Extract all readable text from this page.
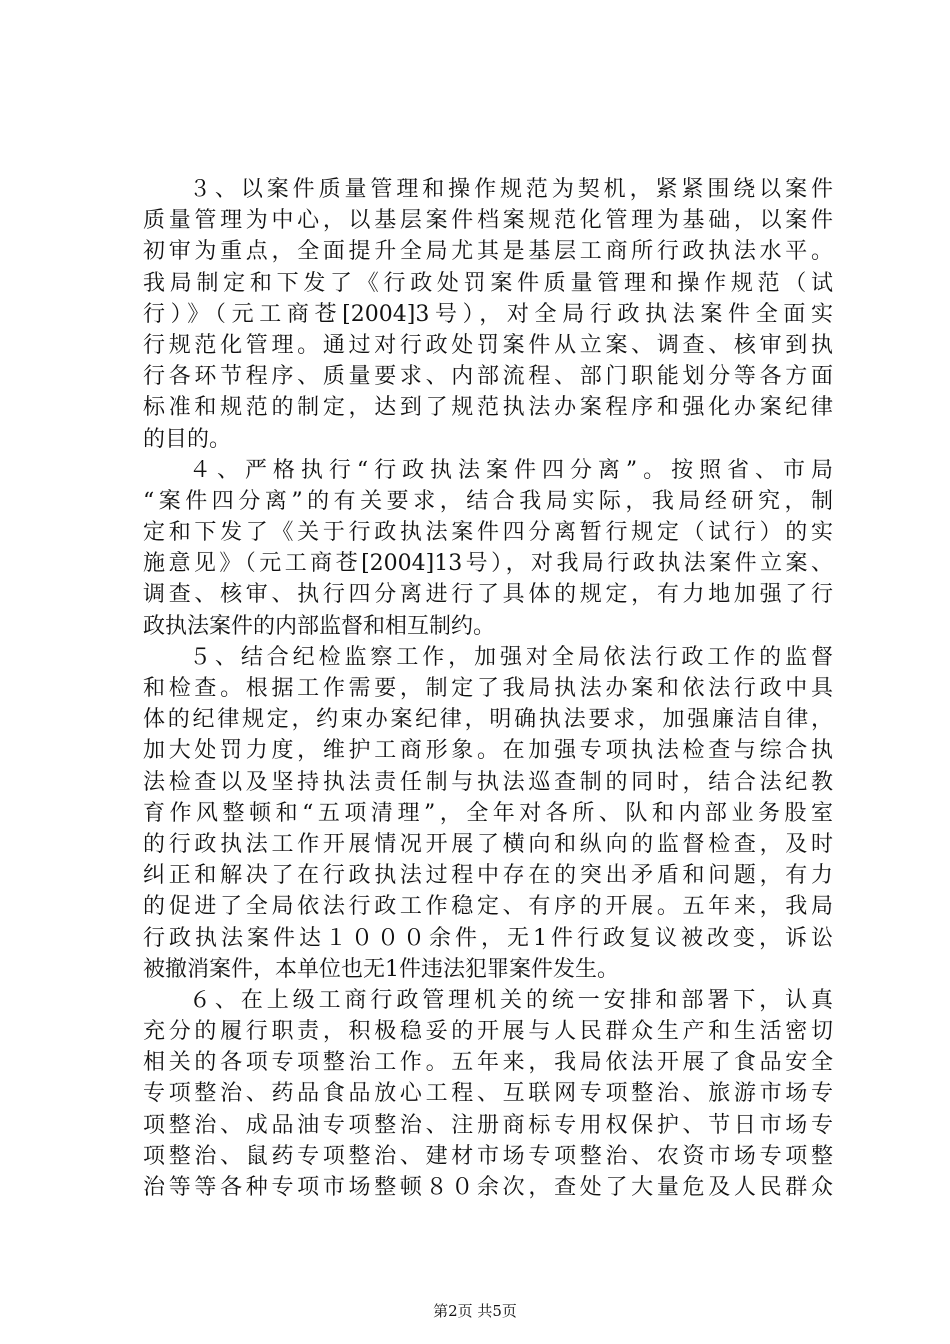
３、以案件质量管理和操作规范为契机，紧紧围绕以案件
质量管理为中心，以基层案件档案规范化管理为基础，以案件
初审为重点，全面提升全局尤其是基层工商所行政执法水平。
我局制定和下发了《行政处罚案件质量管理和操作规范（试
行）》（元工商苍[2004]3号），对全局行政执法案件全面实
行规范化管理。通过对行政处罚案件从立案、调查、核审到执
行各环节程序、质量要求、内部流程、部门职能划分等各方面
标准和规范的制定，达到了规范执法办案程序和强化办案纪律
的目的。
４、严格执行“行政执法案件四分离”。按照省、市局
“案件四分离”的有关要求，结合我局实际，我局经研究，制
定和下发了《关于行政执法案件四分离暂行规定（试行）的实
施意见》（元工商苍[2004]13号），对我局行政执法案件立案、
调查、核审、执行四分离进行了具体的规定，有力地加强了行
政执法案件的内部监督和相互制约。
５、结合纪检监察工作，加强对全局依法行政工作的监督
和检查。根据工作需要，制定了我局执法办案和依法行政中具
体的纪律规定，约束办案纪律，明确执法要求，加强廉洁自律，
加大处罚力度，维护工商形象。在加强专项执法检查与综合执
法检查以及坚持执法责任制与执法巡查制的同时，结合法纪教
育作风整顿和“五项清理”，全年对各所、队和内部业务股室
的行政执法工作开展情况开展了横向和纵向的监督检查，及时
纠正和解决了在行政执法过程中存在的突出矛盾和问题，有力
的促进了全局依法行政工作稳定、有序的开展。五年来，我局
行政执法案件达１０００余件，无1件行政复议被改变，诉讼
被撤消案件，本单位也无1件违法犯罪案件发生。
６、在上级工商行政管理机关的统一安排和部署下，认真
充分的履行职责，积极稳妥的开展与人民群众生产和生活密切
相关的各项专项整治工作。五年来，我局依法开展了食品安全
专项整治、药品食品放心工程、互联网专项整治、旅游市场专
项整治、成品油专项整治、注册商标专用权保护、节日市场专
项整治、鼠药专项整治、建材市场专项整治、农资市场专项整
治等等各种专项市场整顿８０余次，查处了大量危及人民群众
第2页 共5页
